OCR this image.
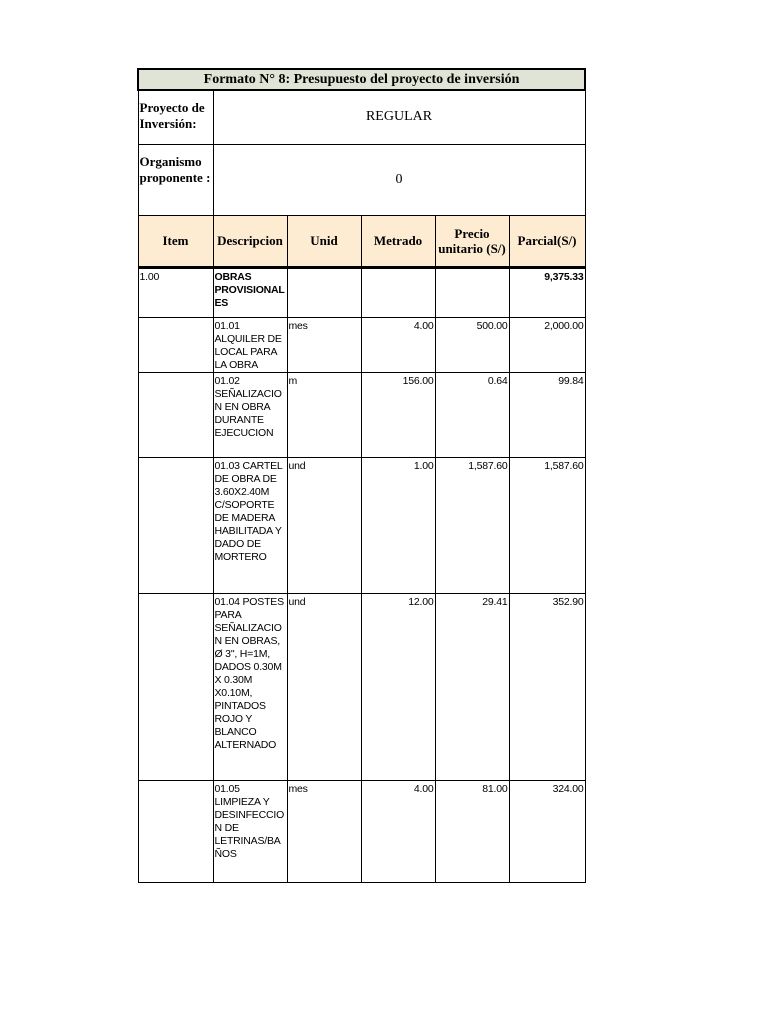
Formato N° 8: Presupuesto del proyecto de inversión					
Proyecto de Inversión:	REGULAR				
Organismo proponente :	0				
Item	Descripcion	Unid	Metrado	Precio unitario (S/)	Parcial(S/)
1.00	OBRAS PROVISIONALES				9,375.33
	01.01 ALQUILER DE LOCAL PARA LA OBRA	mes	4.00	500.00	2,000.00
	01.02 SEÑALIZACION EN OBRA DURANTE EJECUCION	m	156.00	0.64	99.84
	01.03 CARTEL DE OBRA DE 3.60X2.40M C/SOPORTE DE MADERA HABILITADA Y DADO DE MORTERO	und	1.00	1,587.60	1,587.60
	01.04 POSTES PARA SEÑALIZACION EN OBRAS, Ø 3", H=1M, DADOS 0.30M X 0.30M X0.10M, PINTADOS ROJO Y BLANCO ALTERNADO	und	12.00	29.41	352.90
	01.05 LIMPIEZA Y DESINFECCION DE LETRINAS/BAÑOS	mes	4.00	81.00	324.00
